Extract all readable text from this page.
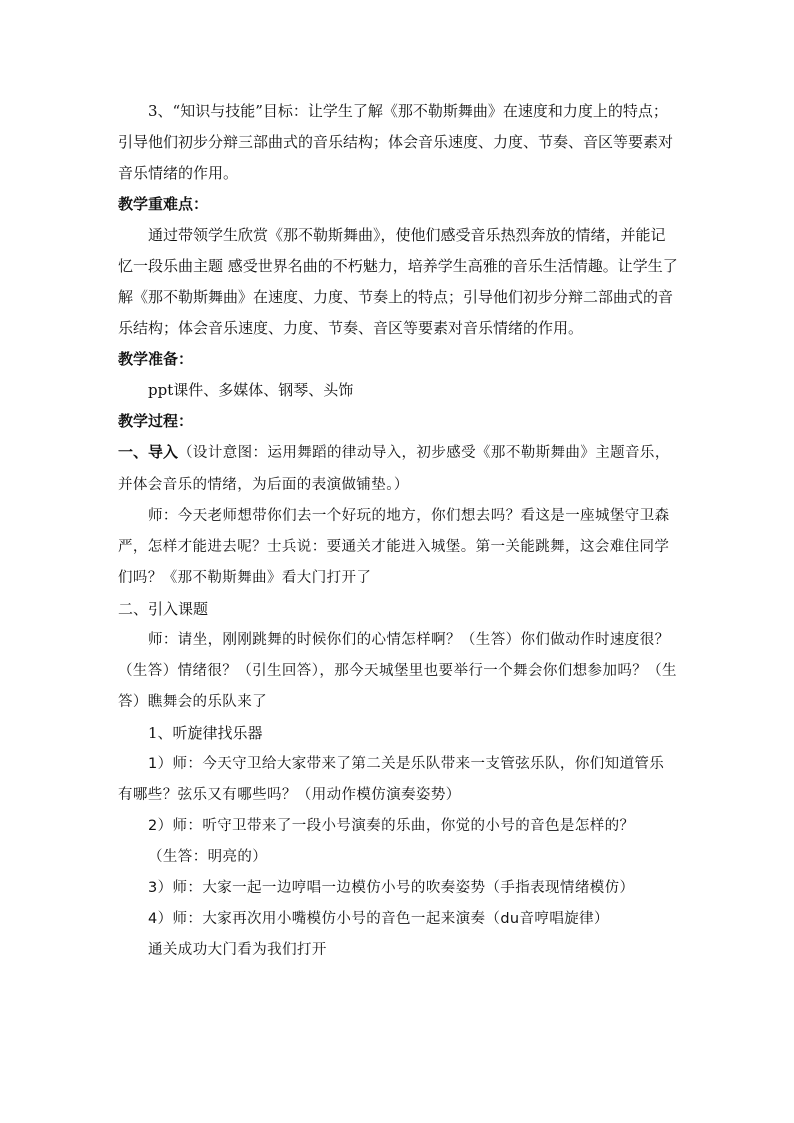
3、“知识与技能”目标：让学生了解《那不勒斯舞曲》在速度和力度上的特点；引导他们初步分辩三部曲式的音乐结构；体会音乐速度、力度、节奏、音区等要素对音乐情绪的作用。

教学重难点：

通过带领学生欣赏《那不勒斯舞曲》，使他们感受音乐热烈奔放的情绪，并能记忆一段乐曲主题 感受世界名曲的不朽魅力，培养学生高雅的音乐生活情趣。让学生了解《那不勒斯舞曲》在速度、力度、节奏上的特点；引导他们初步分辩二部曲式的音乐结构；体会音乐速度、力度、节奏、音区等要素对音乐情绪的作用。

教学准备：

ppt课件、多媒体、钢琴、头饰

教学过程：

一、导入（设计意图：运用舞蹈的律动导入，初步感受《那不勒斯舞曲》主题音乐，并体会音乐的情绪，为后面的表演做铺垫。）

师：今天老师想带你们去一个好玩的地方，你们想去吗？看这是一座城堡守卫森严，怎样才能进去呢？士兵说：要通关才能进入城堡。第一关能跳舞，这会难住同学们吗？《那不勒斯舞曲》看大门打开了

二、引入课题

师：请坐，刚刚跳舞的时候你们的心情怎样啊？（生答）你们做动作时速度很？（生答）情绪很？（引生回答），那今天城堡里也要举行一个舞会你们想参加吗？（生答）瞧舞会的乐队来了

1、听旋律找乐器

1）师：今天守卫给大家带来了第二关是乐队带来一支管弦乐队，你们知道管乐有哪些？弦乐又有哪些吗？（用动作模仿演奏姿势）

2）师：听守卫带来了一段小号演奏的乐曲，你觉的小号的音色是怎样的？

（生答：明亮的）

3）师：大家一起一边哼唱一边模仿小号的吹奏姿势（手指表现情绪模仿）

4）师：大家再次用小嘴模仿小号的音色一起来演奏（du音哼唱旋律）

通关成功大门看为我们打开
